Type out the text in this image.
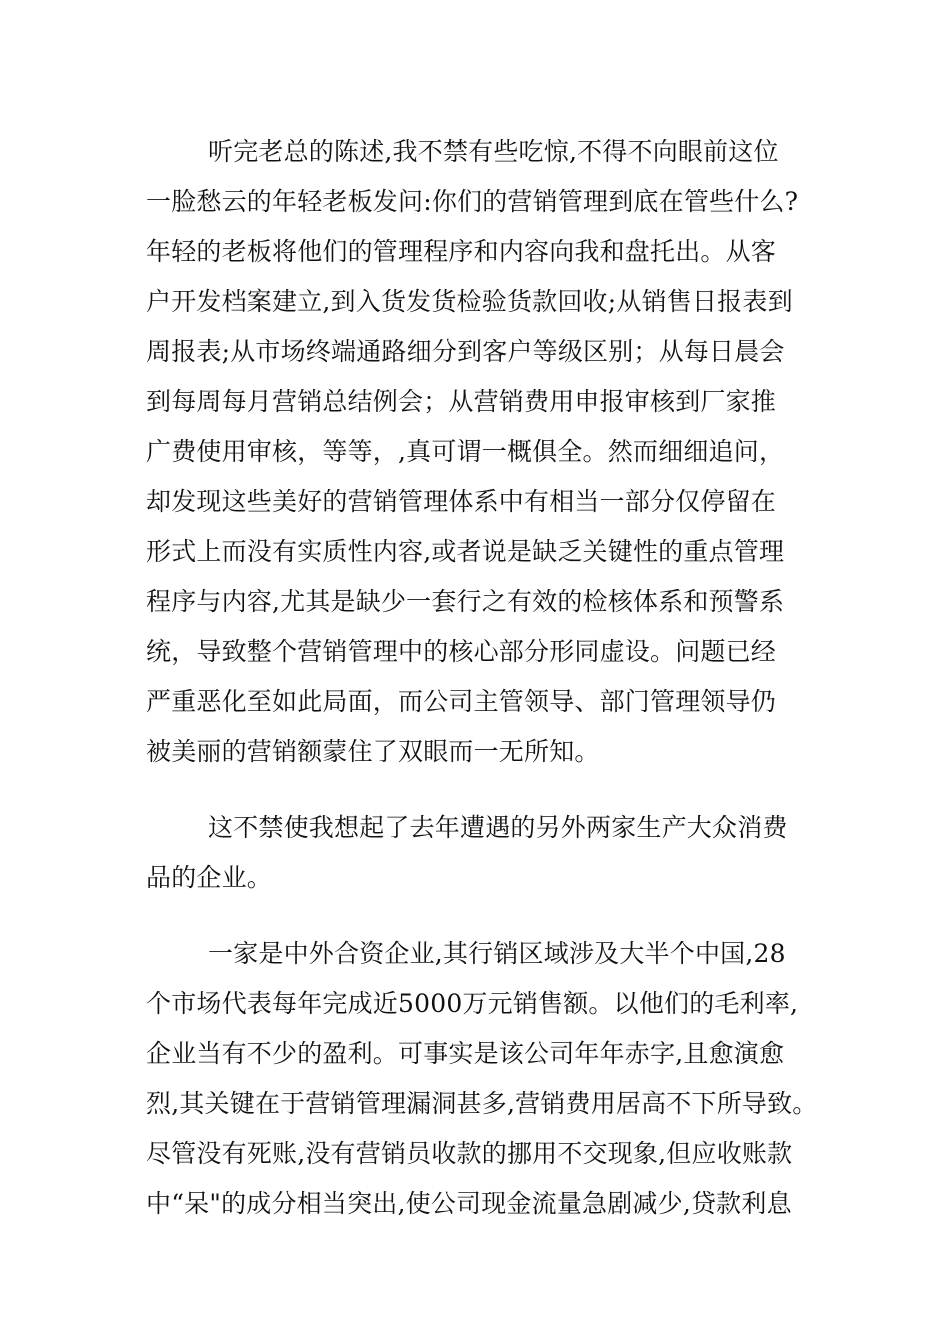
听完老总的陈述,我不禁有些吃惊,不得不向眼前这位
一脸愁云的年轻老板发问:你们的营销管理到底在管些什么?
年轻的老板将他们的管理程序和内容向我和盘托出。从客
户开发档案建立,到入货发货检验货款回收;从销售日报表到
周报表;从市场终端通路细分到客户等级区别；从每日晨会
到每周每月营销总结例会；从营销费用申报审核到厂家推
广费使用审核，等等，,真可谓一概俱全。然而细细追问，
却发现这些美好的营销管理体系中有相当一部分仅停留在
形式上而没有实质性内容,或者说是缺乏关键性的重点管理
程序与内容,尤其是缺少一套行之有效的检核体系和预警系
统，导致整个营销管理中的核心部分形同虚设。问题已经
严重恶化至如此局面，而公司主管领导、部门管理领导仍
被美丽的营销额蒙住了双眼而一无所知。

这不禁使我想起了去年遭遇的另外两家生产大众消费
品的企业。

一家是中外合资企业,其行销区域涉及大半个中国,28
个市场代表每年完成近5000万元销售额。以他们的毛利率,
企业当有不少的盈利。可事实是该公司年年赤字,且愈演愈
烈,其关键在于营销管理漏洞甚多,营销费用居高不下所导致。
尽管没有死账,没有营销员收款的挪用不交现象,但应收账款
中“呆"的成分相当突出,使公司现金流量急剧减少,贷款利息
